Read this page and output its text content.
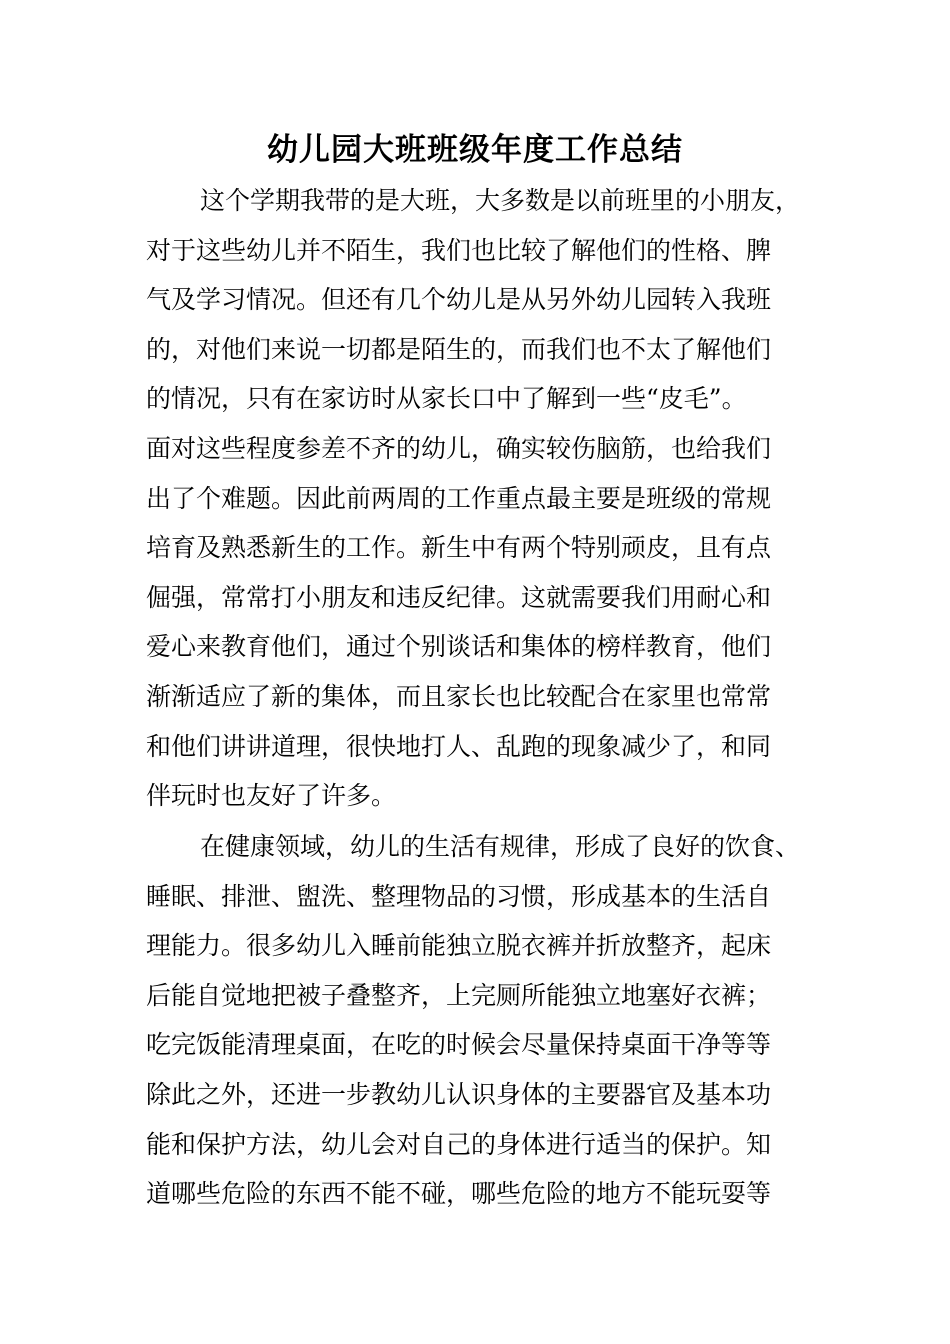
幼儿园大班班级年度工作总结
这个学期我带的是大班，大多数是以前班里的小朋友，
对于这些幼儿并不陌生，我们也比较了解他们的性格、脾
气及学习情况。但还有几个幼儿是从另外幼儿园转入我班
的，对他们来说一切都是陌生的，而我们也不太了解他们
的情况，只有在家访时从家长口中了解到一些“皮毛”。
面对这些程度参差不齐的幼儿，确实较伤脑筋，也给我们
出了个难题。因此前两周的工作重点最主要是班级的常规
培育及熟悉新生的工作。新生中有两个特别顽皮，且有点
倔强，常常打小朋友和违反纪律。这就需要我们用耐心和
爱心来教育他们，通过个别谈话和集体的榜样教育，他们
渐渐适应了新的集体，而且家长也比较配合在家里也常常
和他们讲讲道理，很快地打人、乱跑的现象减少了，和同
伴玩时也友好了许多。
在健康领域，幼儿的生活有规律，形成了良好的饮食、
睡眠、排泄、盥洗、整理物品的习惯，形成基本的生活自
理能力。很多幼儿入睡前能独立脱衣裤并折放整齐，起床
后能自觉地把被子叠整齐，上完厕所能独立地塞好衣裤；
吃完饭能清理桌面，在吃的时候会尽量保持桌面干净等等
除此之外，还进一步教幼儿认识身体的主要器官及基本功
能和保护方法，幼儿会对自己的身体进行适当的保护。知
道哪些危险的东西不能不碰，哪些危险的地方不能玩耍等
